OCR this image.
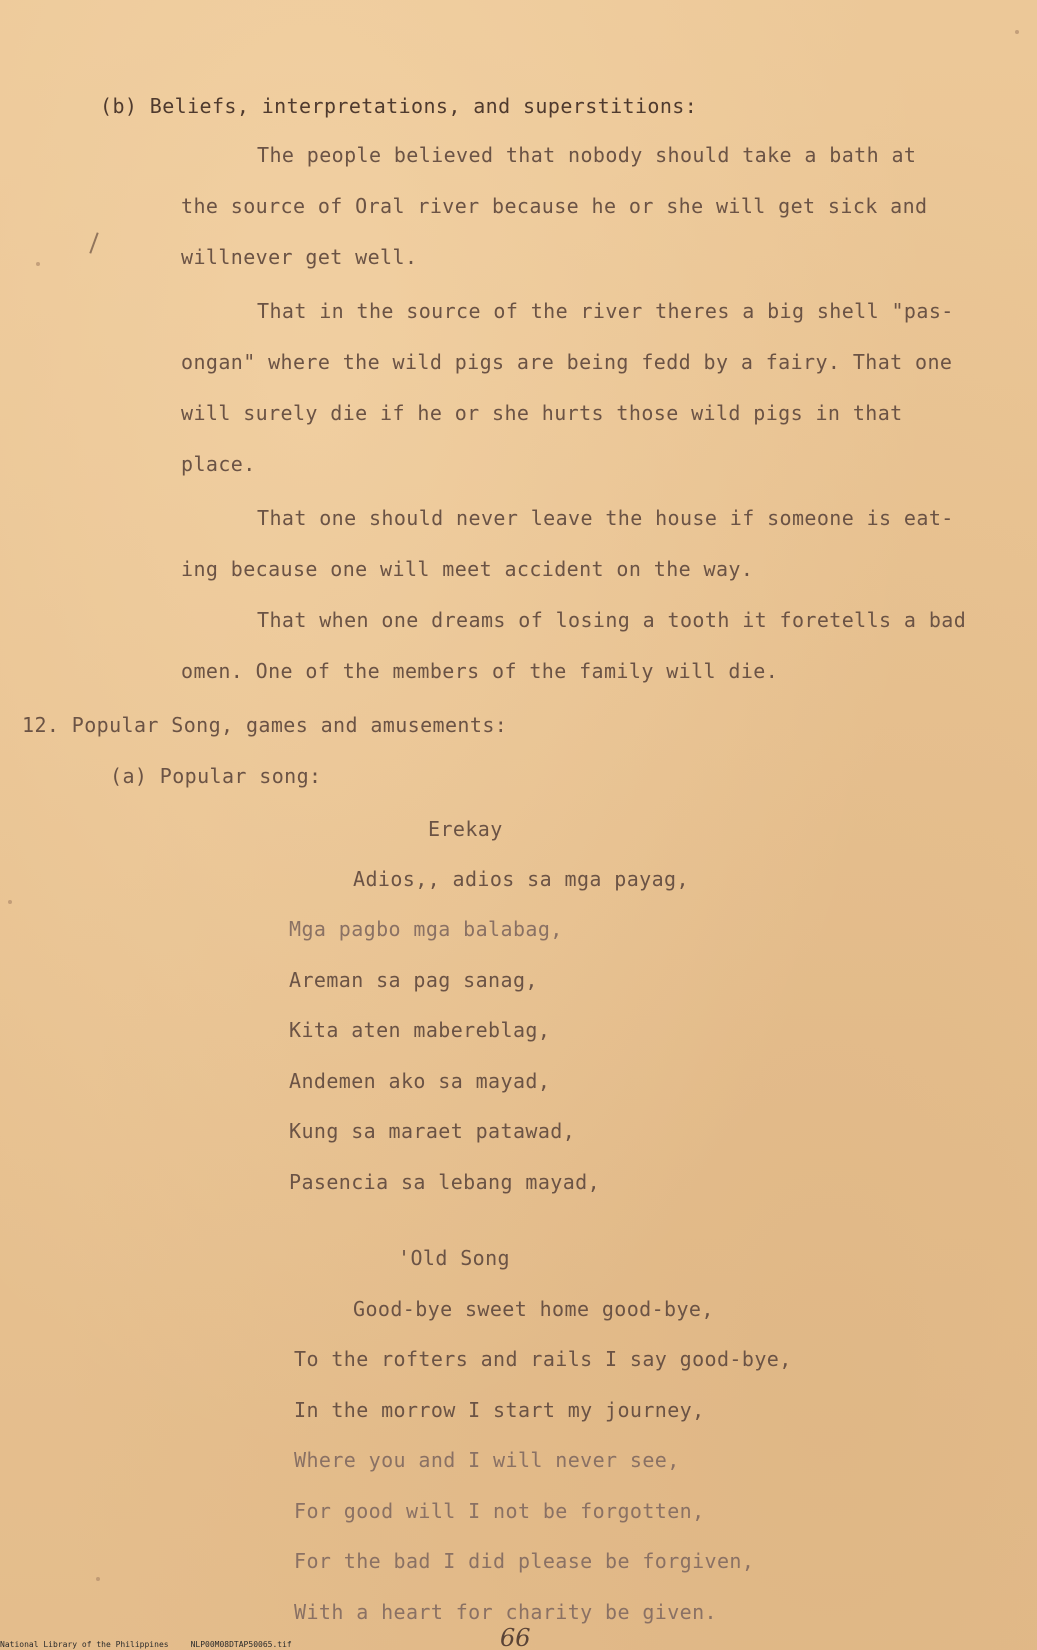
(b) Beliefs, interpretations, and superstitions:
The people believed that nobody should take a bath at
the source of Oral river because he or she will get sick and
willnever get well.
That in the source of the river theres a big shell "pas-
ongan" where the wild pigs are being fedd by a fairy. That one
will surely die if he or she hurts those wild pigs in that
place.
That one should never leave the house if someone is eat-
ing because one will meet accident on the way.
That when one dreams of losing a tooth it foretells a bad
omen. One of the members of the family will die.
12. Popular Song, games and amusements:
(a) Popular song:
Erekay
Adios,, adios sa mga payag,
Mga pagbo mga balabag,
Areman sa pag sanag,
Kita aten mabereblag,
Andemen ako sa mayad,
Kung sa maraet patawad,
Pasencia sa lebang mayad,
'Old Song
Good-bye sweet home good-bye,
To the rofters and rails I say good-bye,
In the morrow I start my journey,
Where you and I will never see,
For good will I not be forgotten,
For the bad I did please be forgiven,
With a heart for charity be given.
66
National Library of the Philippines	NLP00M08DTAP50065.tif
